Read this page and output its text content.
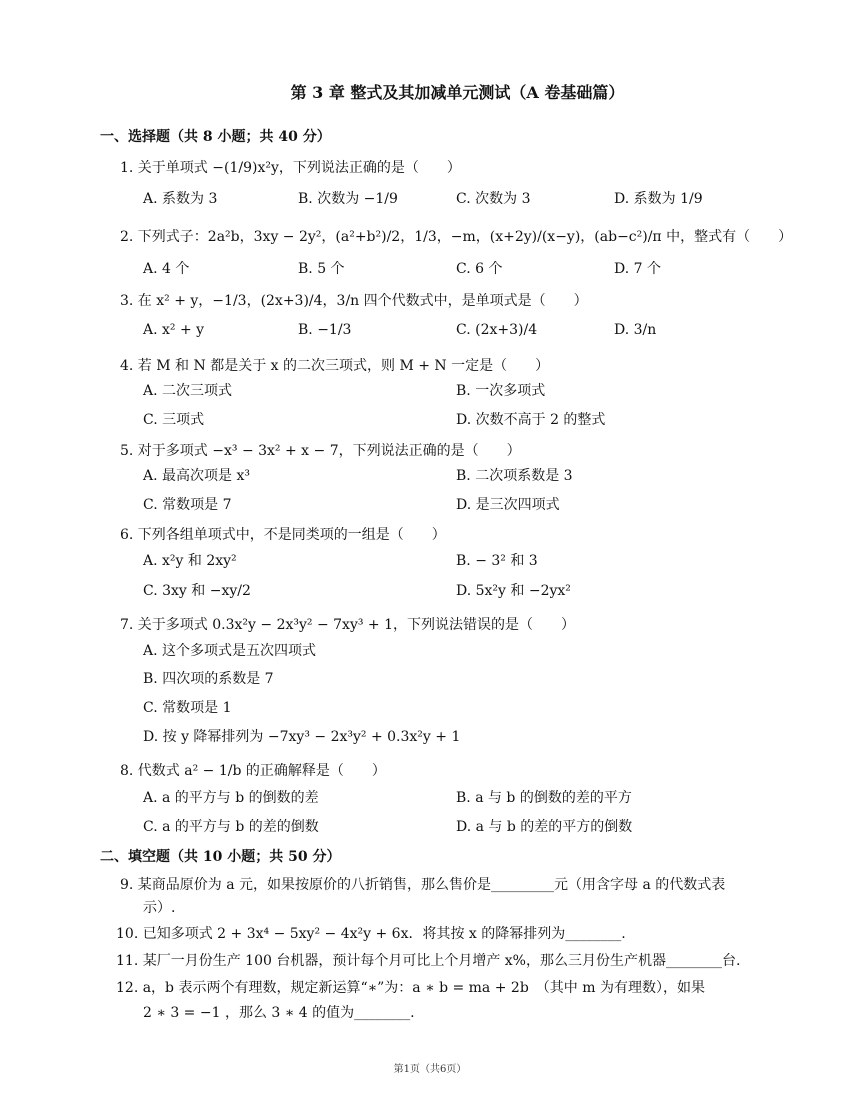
第 3 章 整式及其加减单元测试（A 卷基础篇）
一、选择题（共 8 小题；共 40 分）
1. 关于单项式 −(1/9)x²y，下列说法正确的是（　　）
A. 系数为 3	B. 次数为 −1/9	C. 次数为 3	D. 系数为 1/9
2. 下列式子：2a²b，3xy − 2y²，(a²+b²)/2，1/3，−m，(x+2y)/(x−y)，(ab−c²)/π 中，整式有（　　）
A. 4 个	B. 5 个	C. 6 个	D. 7 个
3. 在 x² + y，−1/3，(2x+3)/4，3/n 四个代数式中，是单项式是（　　）
A. x² + y	B. −1/3	C. (2x+3)/4	D. 3/n
4. 若 M 和 N 都是关于 x 的二次三项式，则 M + N 一定是（　　）
A. 二次三项式	B. 一次多项式
C. 三项式	D. 次数不高于 2 的整式
5. 对于多项式 −x³ − 3x² + x − 7，下列说法正确的是（　　）
A. 最高次项是 x³	B. 二次项系数是 3
C. 常数项是 7	D. 是三次四项式
6. 下列各组单项式中，不是同类项的一组是（　　）
A. x²y 和 2xy²	B. − 3² 和 3
C. 3xy 和 −xy/2	D. 5x²y 和 −2yx²
7. 关于多项式 0.3x²y − 2x³y² − 7xy³ + 1，下列说法错误的是（　　）
A. 这个多项式是五次四项式
B. 四次项的系数是 7
C. 常数项是 1
D. 按 y 降幂排列为 −7xy³ − 2x³y² + 0.3x²y + 1
8. 代数式 a² − 1/b 的正确解释是（　　）
A. a 的平方与 b 的倒数的差	B. a 与 b 的倒数的差的平方
C. a 的平方与 b 的差的倒数	D. a 与 b 的差的平方的倒数
二、填空题（共 10 小题；共 50 分）
9. 某商品原价为 a 元，如果按原价的八折销售，那么售价是_________元（用含字母 a 的代数式表
示）.
10. 已知多项式 2 + 3x⁴ − 5xy² − 4x²y + 6x．将其按 x 的降幂排列为________.
11. 某厂一月份生产 100 台机器，预计每个月可比上个月增产 x%，那么三月份生产机器________台.
12. a，b 表示两个有理数，规定新运算“∗”为：a ∗ b = ma + 2b　（其中 m 为有理数），如果
2 ∗ 3 = −1 ，那么 3 ∗ 4 的值为________.
第1页（共6页）
